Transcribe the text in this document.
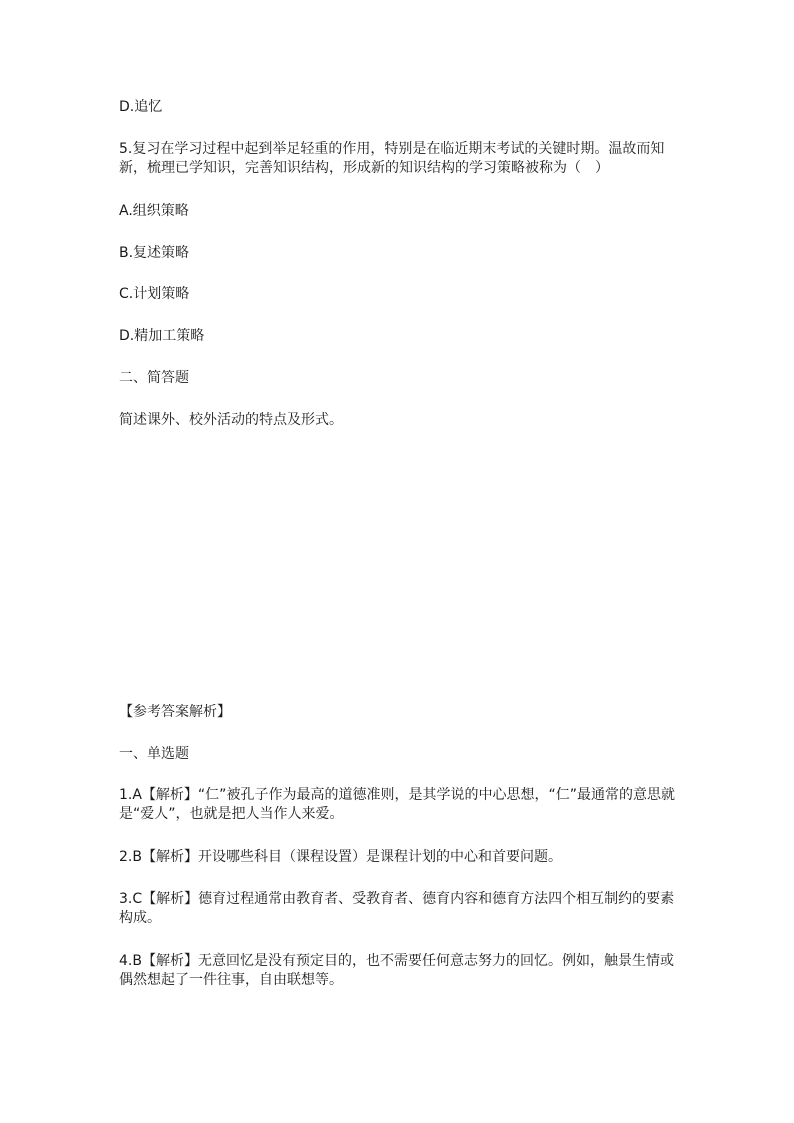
D.追忆
5.复习在学习过程中起到举足轻重的作用，特别是在临近期末考试的关键时期。温故而知新，梳理已学知识，完善知识结构，形成新的知识结构的学习策略被称为（　）
A.组织策略
B.复述策略
C.计划策略
D.精加工策略
二、简答题
简述课外、校外活动的特点及形式。
【参考答案解析】
一、单选题
1.A【解析】“仁”被孔子作为最高的道德准则，是其学说的中心思想，“仁”最通常的意思就是“爱人”，也就是把人当作人来爱。
2.B【解析】开设哪些科目（课程设置）是课程计划的中心和首要问题。
3.C【解析】德育过程通常由教育者、受教育者、德育内容和德育方法四个相互制约的要素构成。
4.B【解析】无意回忆是没有预定目的，也不需要任何意志努力的回忆。例如，触景生情或偶然想起了一件往事，自由联想等。
